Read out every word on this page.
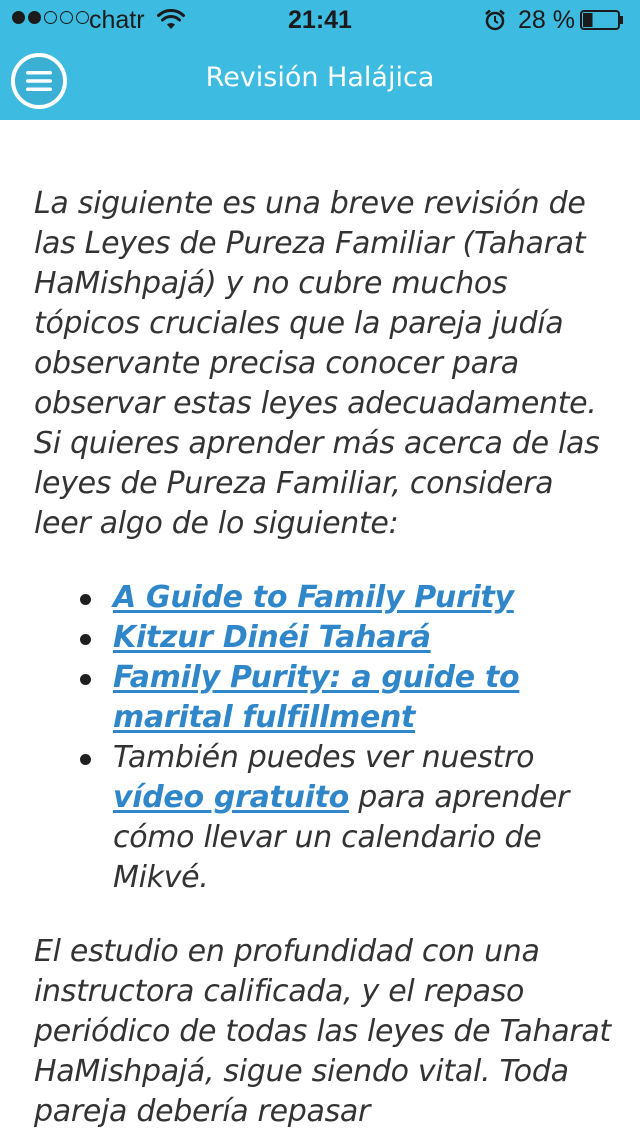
chatr	21:41	28 %
Revisión Halájica

La siguiente es una breve revisión de las Leyes de Pureza Familiar (Taharat HaMishpajá) y no cubre muchos tópicos cruciales que la pareja judía observante precisa conocer para observar estas leyes adecuadamente. Si quieres aprender más acerca de las leyes de Pureza Familiar, considera leer algo de lo siguiente:

A Guide to Family Purity
Kitzur Dinéi Tahará
Family Purity: a guide to marital fulfillment
También puedes ver nuestro vídeo gratuito para aprender cómo llevar un calendario de Mikvé.

El estudio en profundidad con una instructora calificada, y el repaso periódico de todas las leyes de Taharat HaMishpajá, sigue siendo vital. Toda pareja debería repasar
